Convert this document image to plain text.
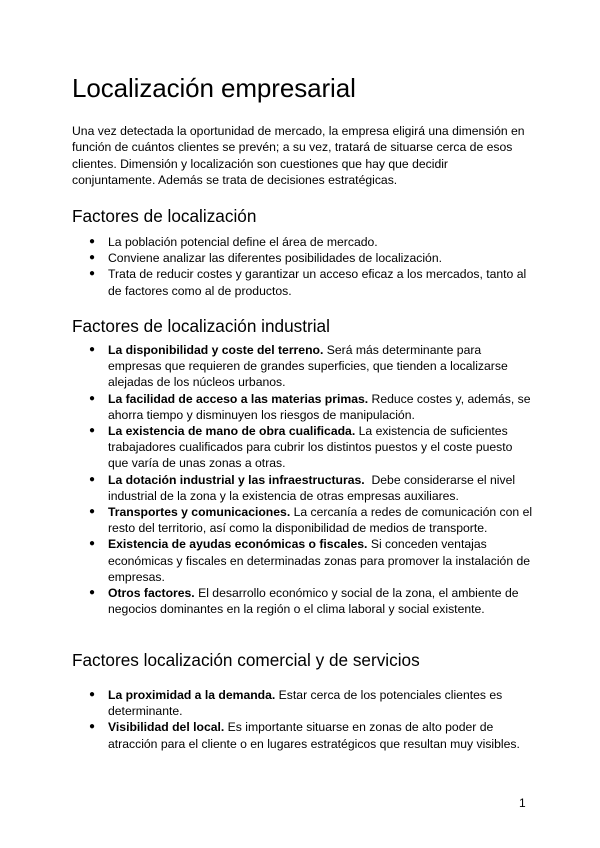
Localización empresarial

Una vez detectada la oportunidad de mercado, la empresa eligirá una dimensión en función de cuántos clientes se prevén; a su vez, tratará de situarse cerca de esos clientes. Dimensión y localización son cuestiones que hay que decidir conjuntamente. Además se trata de decisiones estratégicas.

Factores de localización
● La población potencial define el área de mercado.
● Conviene analizar las diferentes posibilidades de localización.
● Trata de reducir costes y garantizar un acceso eficaz a los mercados, tanto al de factores como al de productos.
Factores de localización industrial
● La disponibilidad y coste del terreno. Será más determinante para empresas que requieren de grandes superficies, que tienden a localizarse alejadas de los núcleos urbanos.
● La facilidad de acceso a las materias primas. Reduce costes y, además, se ahorra tiempo y disminuyen los riesgos de manipulación.
● La existencia de mano de obra cualificada. La existencia de suficientes trabajadores cualificados para cubrir los distintos puestos y el coste puesto que varía de unas zonas a otras.
● La dotación industrial y las infraestructuras.  Debe considerarse el nivel industrial de la zona y la existencia de otras empresas auxiliares.
● Transportes y comunicaciones. La cercanía a redes de comunicación con el resto del territorio, así como la disponibilidad de medios de transporte.
● Existencia de ayudas económicas o fiscales. Si conceden ventajas económicas y fiscales en determinadas zonas para promover la instalación de empresas.
● Otros factores. El desarrollo económico y social de la zona, el ambiente de negocios dominantes en la región o el clima laboral y social existente.
Factores localización comercial y de servicios
● La proximidad a la demanda. Estar cerca de los potenciales clientes es determinante.
● Visibilidad del local. Es importante situarse en zonas de alto poder de atracción para el cliente o en lugares estratégicos que resultan muy visibles.
1
